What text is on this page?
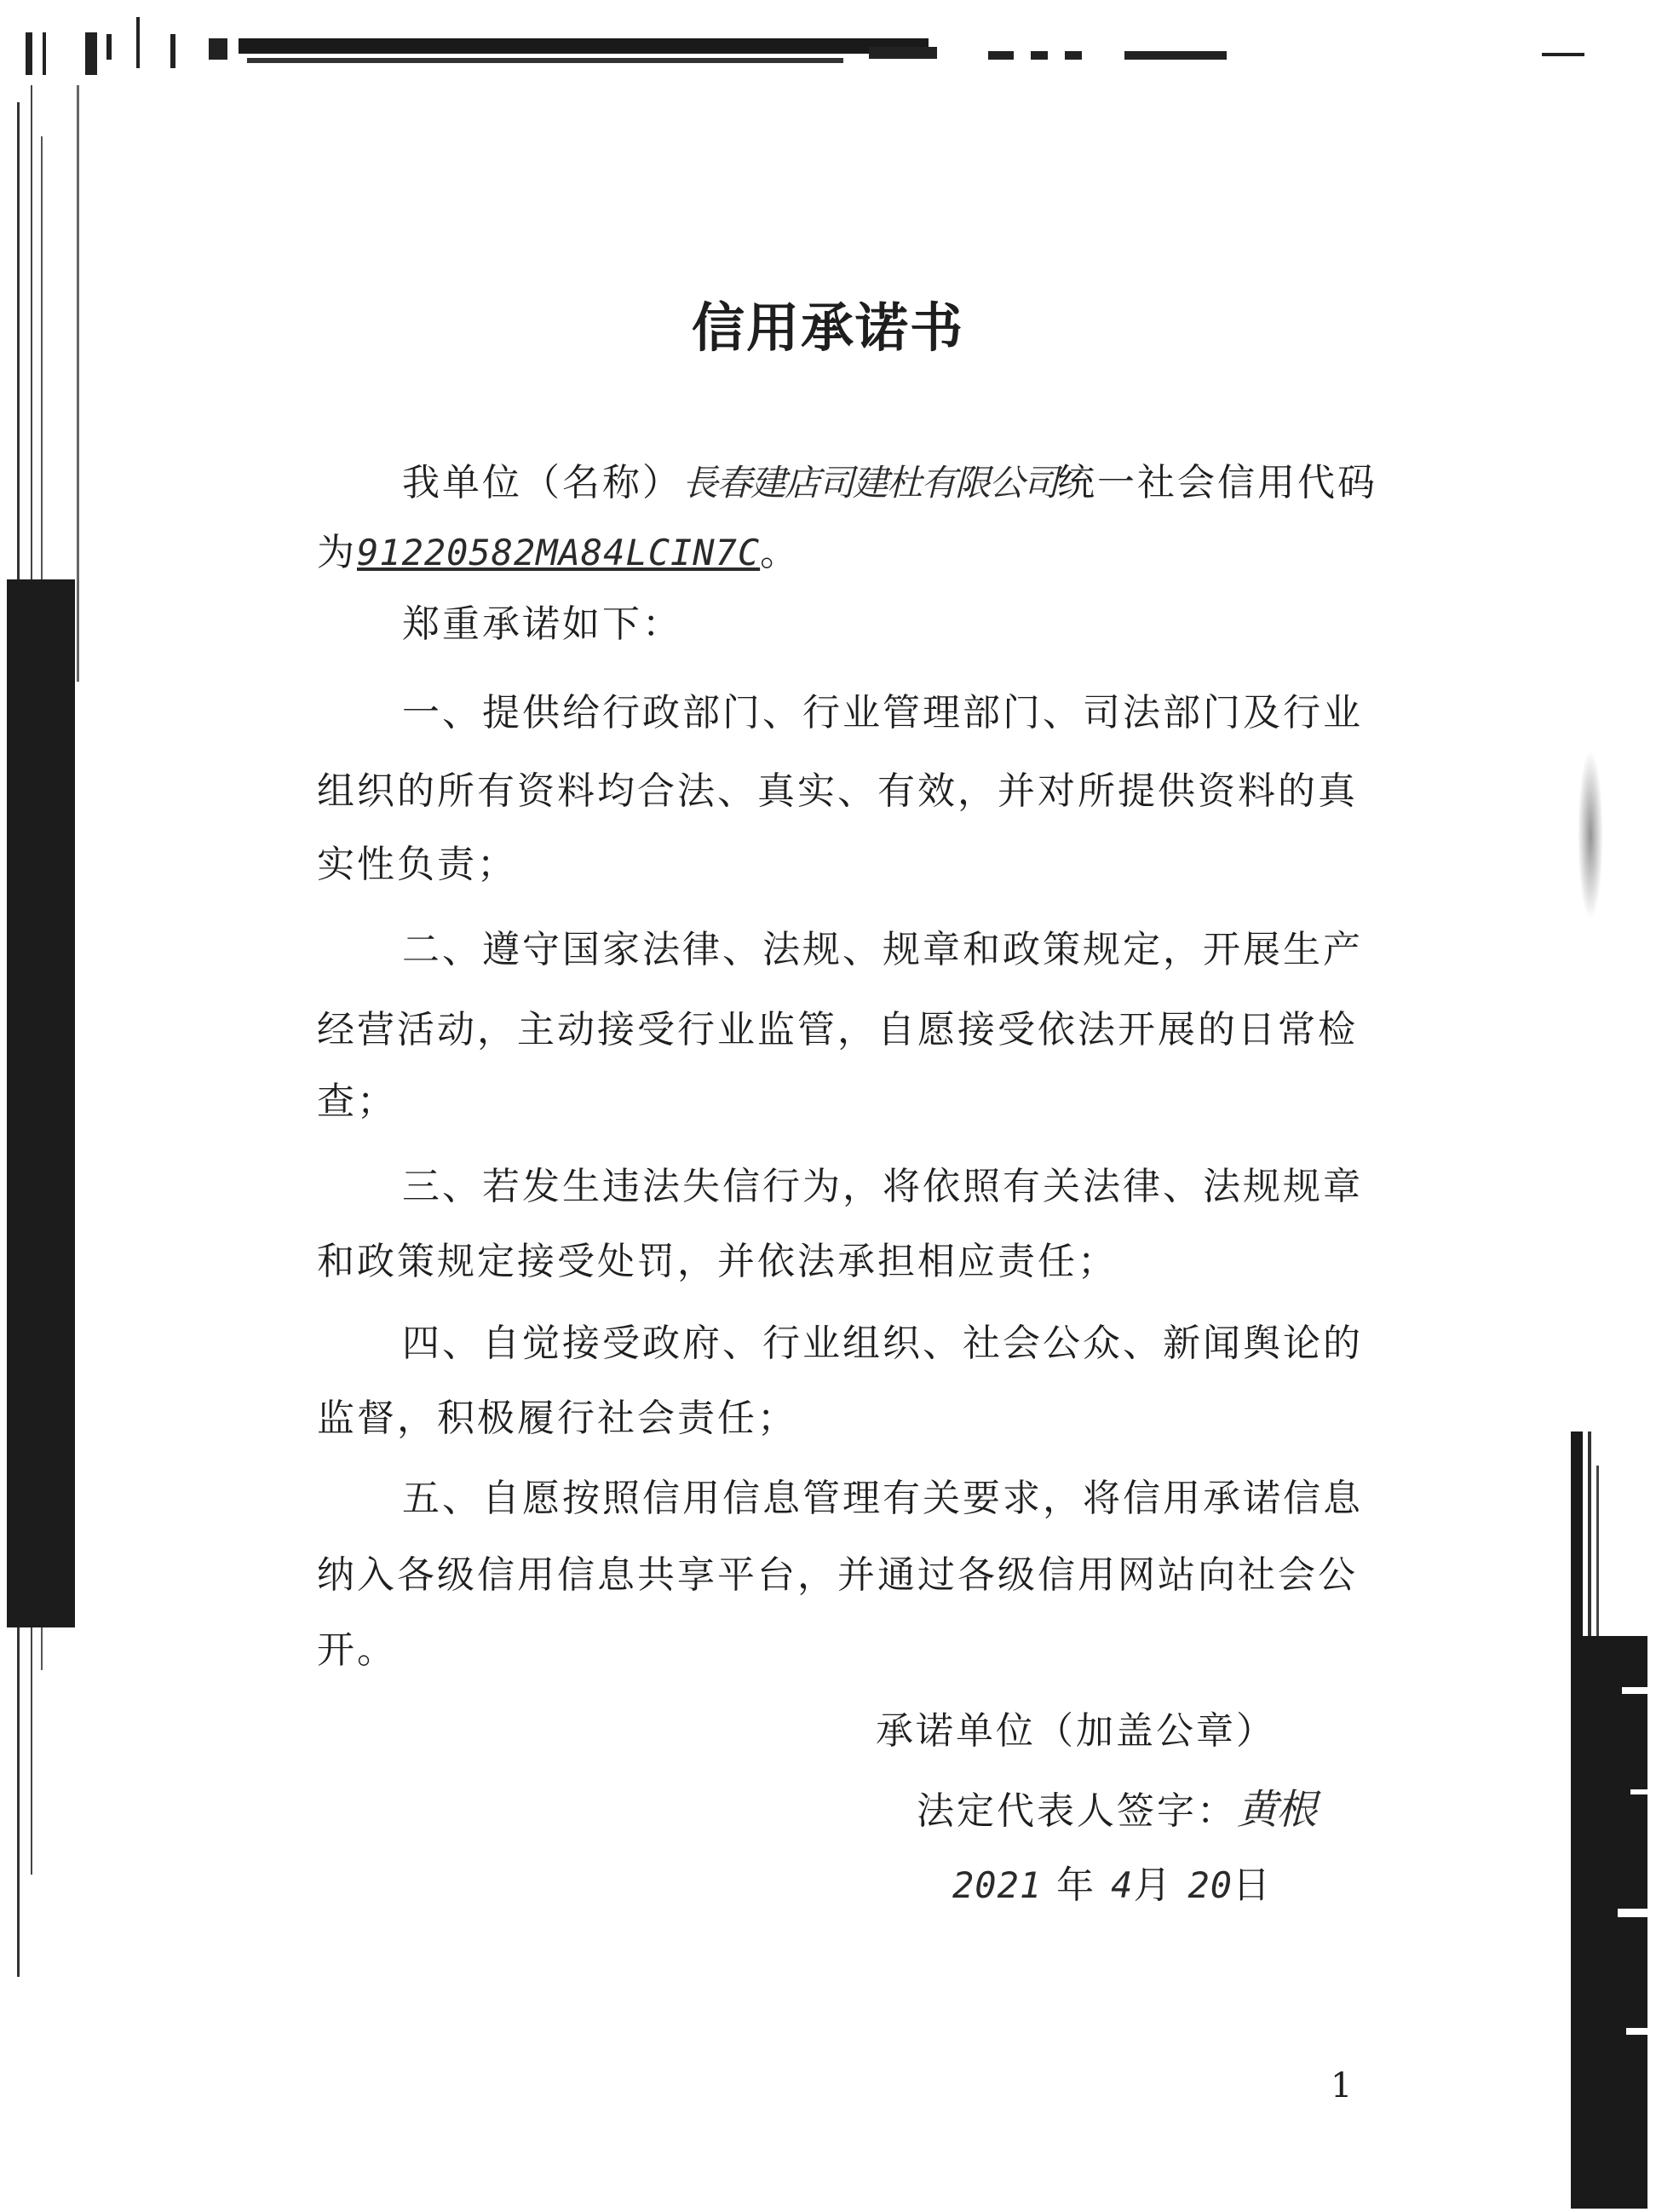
信用承诺书
我单位（名称）長春建店司建杜有限公司统一社会信用代码
为91220582MA84LCIN7C。
郑重承诺如下：
一、提供给行政部门、行业管理部门、司法部门及行业
组织的所有资料均合法、真实、有效，并对所提供资料的真
实性负责；
二、遵守国家法律、法规、规章和政策规定，开展生产
经营活动，主动接受行业监管，自愿接受依法开展的日常检
查；
三、若发生违法失信行为，将依照有关法律、法规规章
和政策规定接受处罚，并依法承担相应责任；
四、自觉接受政府、行业组织、社会公众、新闻舆论的
监督，积极履行社会责任；
五、自愿按照信用信息管理有关要求，将信用承诺信息
纳入各级信用信息共享平台，并通过各级信用网站向社会公
开。
承诺单位（加盖公章）
法定代表人签字：黄根
2021 年 4月 20日
1
